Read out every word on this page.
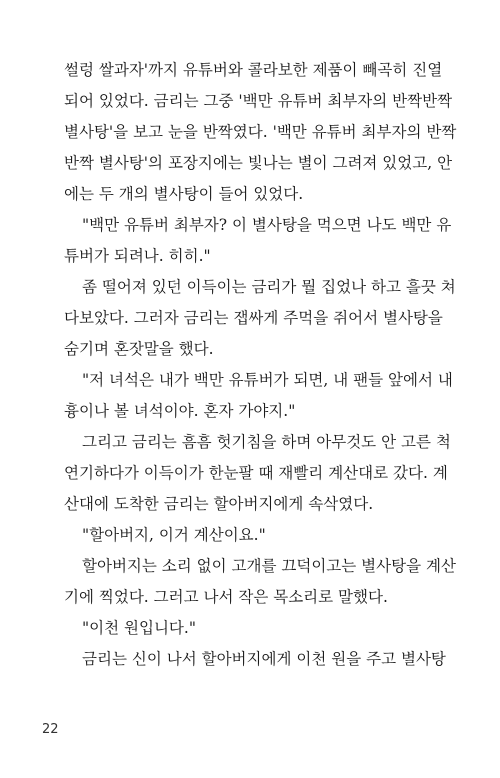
썰렁 쌀과자'까지 유튜버와 콜라보한 제품이 빼곡히 진열
되어 있었다. 금리는 그중 '백만 유튜버 최부자의 반짝반짝
별사탕'을 보고 눈을 반짝였다. '백만 유튜버 최부자의 반짝
반짝 별사탕'의 포장지에는 빛나는 별이 그려져 있었고, 안
에는 두 개의 별사탕이 들어 있었다.
"백만 유튜버 최부자? 이 별사탕을 먹으면 나도 백만 유
튜버가 되려나. 히히."
좀 떨어져 있던 이득이는 금리가 뭘 집었나 하고 흘끗 쳐
다보았다. 그러자 금리는 잽싸게 주먹을 쥐어서 별사탕을
숨기며 혼잣말을 했다.
"저 녀석은 내가 백만 유튜버가 되면, 내 팬들 앞에서 내
흉이나 볼 녀석이야. 혼자 가야지."
그리고 금리는 흠흠 헛기침을 하며 아무것도 안 고른 척
연기하다가 이득이가 한눈팔 때 재빨리 계산대로 갔다. 계
산대에 도착한 금리는 할아버지에게 속삭였다.
"할아버지, 이거 계산이요."
할아버지는 소리 없이 고개를 끄덕이고는 별사탕을 계산
기에 찍었다. 그러고 나서 작은 목소리로 말했다.
"이천 원입니다."
금리는 신이 나서 할아버지에게 이천 원을 주고 별사탕
22
